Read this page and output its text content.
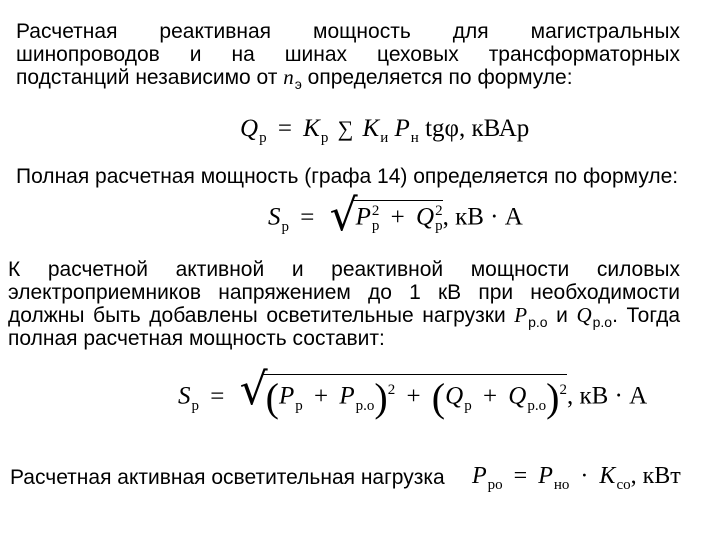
Расчетная реактивная мощность для магистральных
шинопроводов и на шинах цеховых трансформаторных
подстанций независимо от $n_э$ определяется по формуле:
$Q_р = K_р$ ∑ $K_и$ $P_н$ tgφ, кВАр
Полная расчетная мощность (графа 14) определяется по формуле:
$S_р$ = √
P 2
р + Q 2
р , кВ · А
К расчетной активной и реактивной мощности силовых
электроприемников напряжением до 1 кВ при необходимости
должны быть добавлены осветительные нагрузки $P_{р.о}$ и $Q_{р.о}$. Тогда
полная расчетная мощность составит:
$S_р$ = √
$(P_р + P_{р.о})^2 + (Q_р + Q_{р.о})^2$, кВ · А
Расчетная активная осветительная нагрузка	$P_{ро} = P_{но} \cdot K_{со}$, кВт
